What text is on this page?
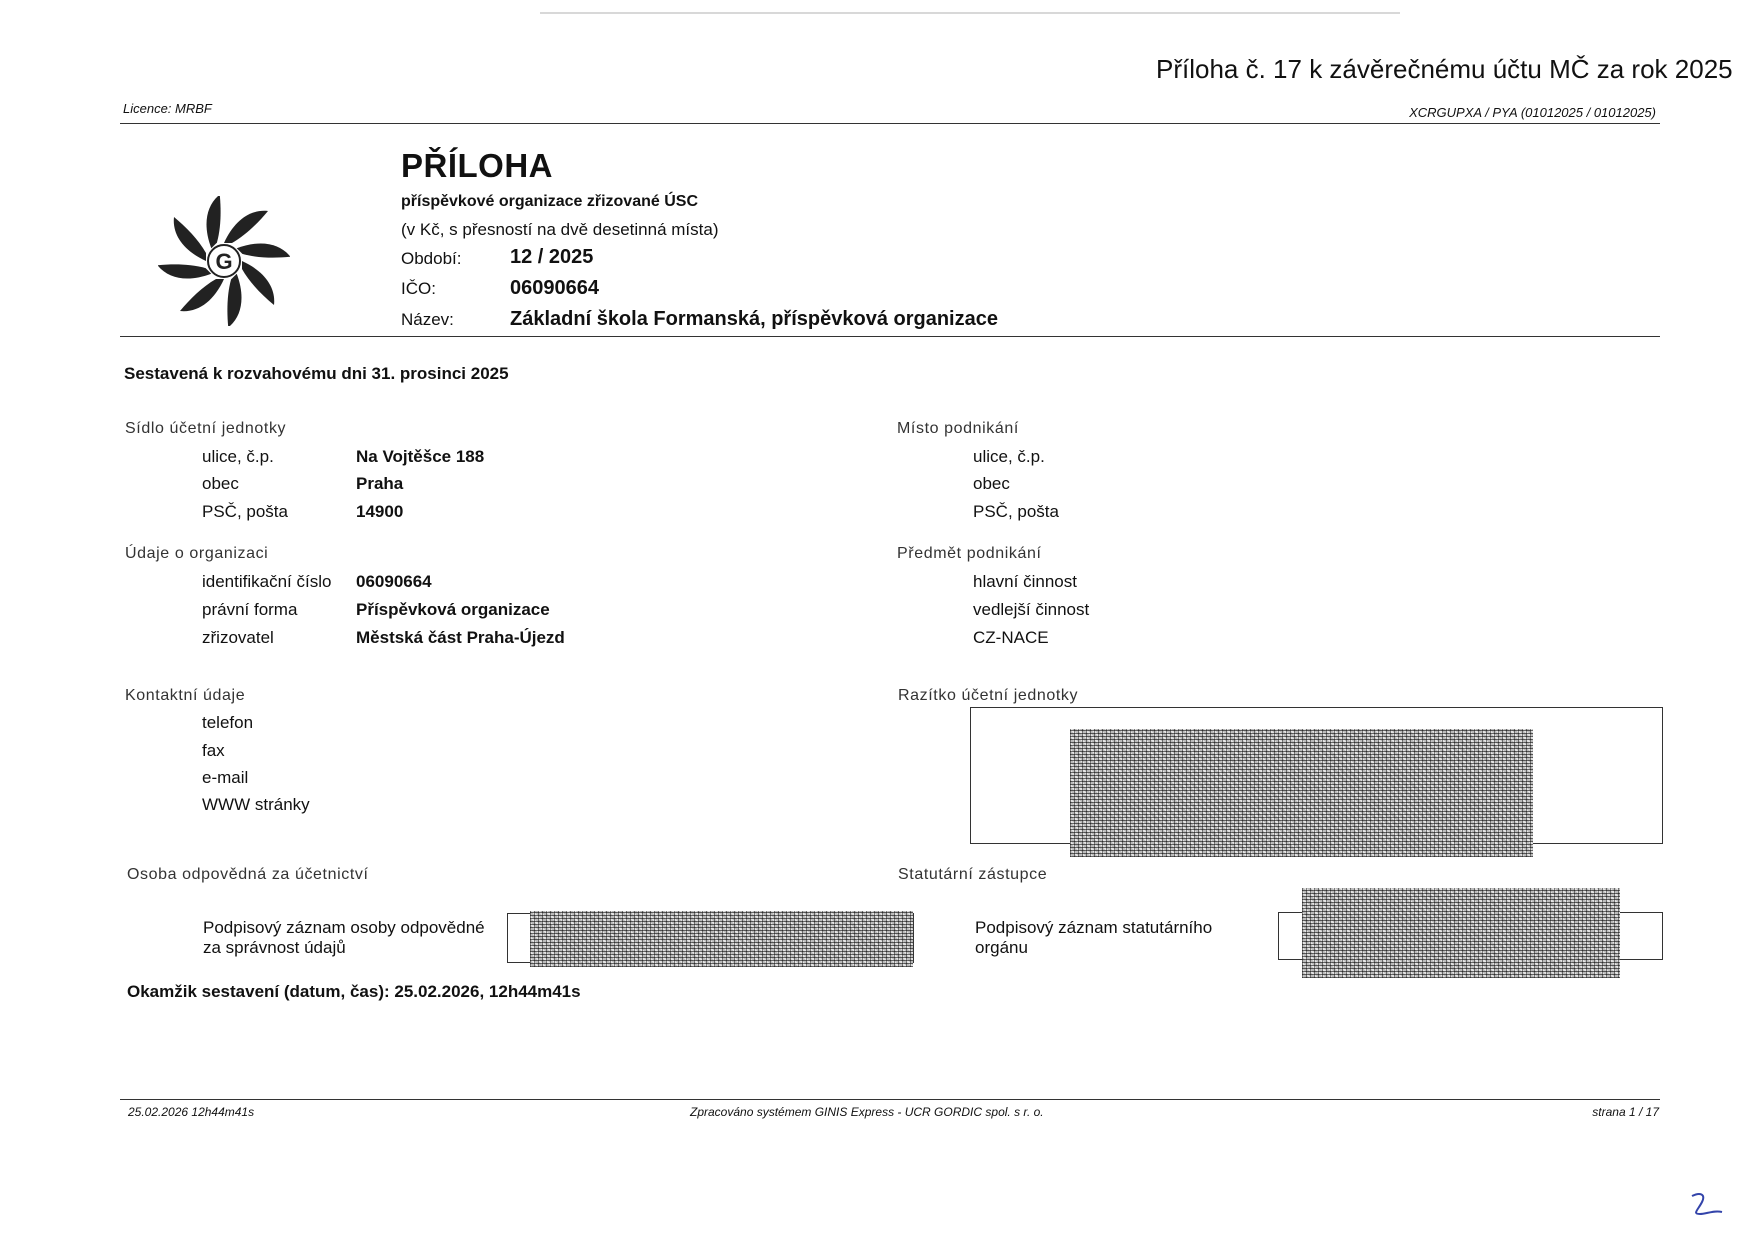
Příloha č. 17 k závěrečnému účtu MČ za rok 2025
Licence: MRBF	XCRGUPXA / PYA (01012025 / 01012025)
G
PŘÍLOHA
příspěvkové organizace zřizované ÚSC
(v Kč, s přesností na dvě desetinná místa)
Období: 12 / 2025
IČO:	06090664
Název:	Základní škola Formanská, příspěvková organizace
Sestavená k rozvahovému dni 31. prosinci 2025
Sídlo účetní jednotky
ulice, č.p.	Na Vojtěšce 188
obec	Praha
PSČ, pošta	14900
Místo podnikání
ulice, č.p.
obec
PSČ, pošta
Údaje o organizaci
identifikační číslo 06090664
právní forma	Příspěvková organizace
zřizovatel	Městská část Praha-Újezd
Předmět podnikání
hlavní činnost
vedlejší činnost
CZ-NACE
Kontaktní údaje
telefon
fax
e-mail
WWW stránky
Razítko účetní jednotky
Osoba odpovědná za účetnictví
Podpisový záznam osoby odpovědné
za správnost údajů
Statutární zástupce
Podpisový záznam statutárního
orgánu
Okamžik sestavení (datum, čas): 25.02.2026, 12h44m41s
25.02.2026 12h44m41s	Zpracováno systémem GINIS Express - UCR GORDIC spol. s r. o.	strana 1 / 17
